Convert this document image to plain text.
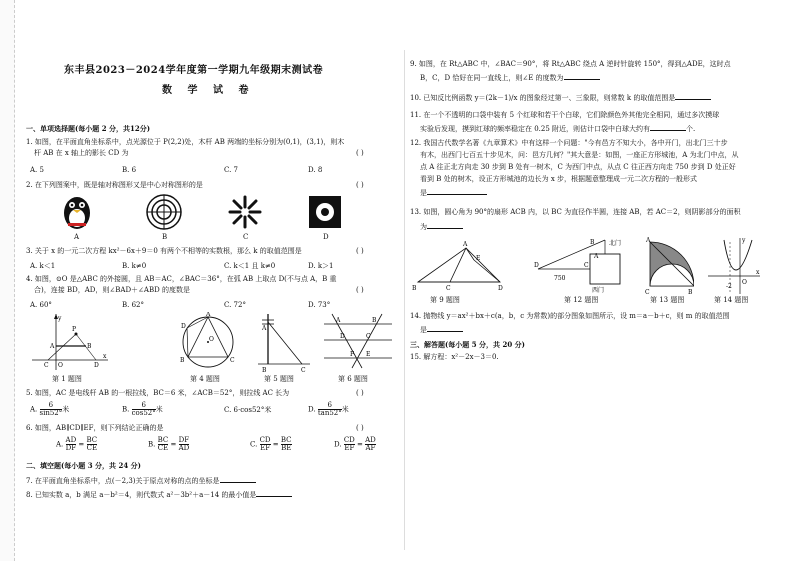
东丰县2023－2024学年度第一学期九年级期末测试卷
数 学 试 卷
一、单项选择题(每小题 2 分，共12分)
1. 如图，在平面直角坐标系中，点光源位于 P(2,2)处，木杆 AB 两端的坐标分别为(0,1)，(3,1)，则木
杆 AB 在 x 轴上的影长 CD 为	( )
A. 5	B. 6	C. 7	D. 8
2. 在下列图案中，既是轴对称图形又是中心对称图形的是	( )
A	B	C	D
3. 关于 x 的一元二次方程 kx²－6x＋9＝0 有两个不相等的实数根，那么 k 的取值范围是	( )
A. k＜1	B. k≠0	C. k＜1 且 k≠0	D. k＞1
4. 如图，⊙O 是△ABC 的外接圆，且 AB＝AC，∠BAC＝36°，在弧 AB 上取点 D(不与点 A，B 重
合)，连接 BD，AD，则∠BAD＋∠ABD 的度数是	( )
A. 60°	B. 62°	C. 72°	D. 73°
P
A	B
C	D
O
y
x
A
D
B	C
O
A
B	C
A	B
D	C
F E
第 1 题图	第 4 题图	第 5 题图	第 6 题图
5. 如图，AC 是电线杆 AB 的一根拉线，BC＝6 米，∠ACB＝52°，则拉线 AC 长为	( )
A. $\frac{6}{\sin 52^\circ}$ 米	B. $\frac{6}{\cos 52^\circ}$ 米	C. 6·cos52°米	D. $\frac{6}{\tan 52^\circ}$ 米
6. 如图，AB∥CD∥EF，则下列结论正确的是	( )
A. $\frac{AD}{DF} = \frac{BC}{CE}$	B. $\frac{BC}{CE} = \frac{DF}{AD}$	C. $\frac{CD}{EF} = \frac{BC}{BE}$	D. $\frac{CD}{EF} = \frac{AD}{AF}$
二、填空题(每小题 3 分，共 24 分)
7. 在平面直角坐标系中，点(－2,3)关于原点对称的点的坐标是
8. 已知实数 a，b 满足 a－b²＝4，则代数式 a²－3b²＋a－14 的最小值是
9. 如图，在 Rt△ABC 中，∠BAC＝90°，将 Rt△ABC 绕点 A 逆时针旋转 150°，得到△ADE，这时点
B，C，D 恰好在同一直线上，则∠E 的度数为
10. 已知反比例函数 y＝(2k－1)/x 的图象经过第一、三象限，则常数 k 的取值范围是
11. 在一个不透明的口袋中装有 5 个红球和若干个白球，它们除颜色外其他完全相同，通过多次摸球
实验后发现，摸到红球的频率稳定在 0.25 附近，则估计口袋中白球大约有	个.
12. 我国古代数学名著《九章算术》中有这样一个问题："今有邑方不知大小，各中开门，出北门三十步
有木，出西门七百五十步见木，问：邑方几何？"其大意是：如图，一座正方形城池，A 为北门中点，从
点 A 往正北方向走 30 步到 B 处有一树木，C 为西门中点，从点 C 往正西方向走 750 步到 D 处正好
看到 B 处的树木，设正方形城池的边长为 x 步，根据题意整理成一元二次方程的一般形式
是
13. 如图，圆心角为 90°的扇形 ACB 内，以 BC 为直径作半圆，连接 AB，若 AC＝2，则阴影部分的面积
为
A
B	C	D
E
B
A
C
D
北门
西门
750
A
C	B
y
x
O
-2
第 9 题图	第 12 题图	第 13 题图	第 14 题图
14. 抛物线 y＝ax²＋bx＋c(a，b，c 为常数)的部分图象如图所示，设 m＝a－b＋c，则 m 的取值范围
是
三、解答题(每小题 5 分，共 20 分)
15. 解方程：x²－2x－3＝0.
